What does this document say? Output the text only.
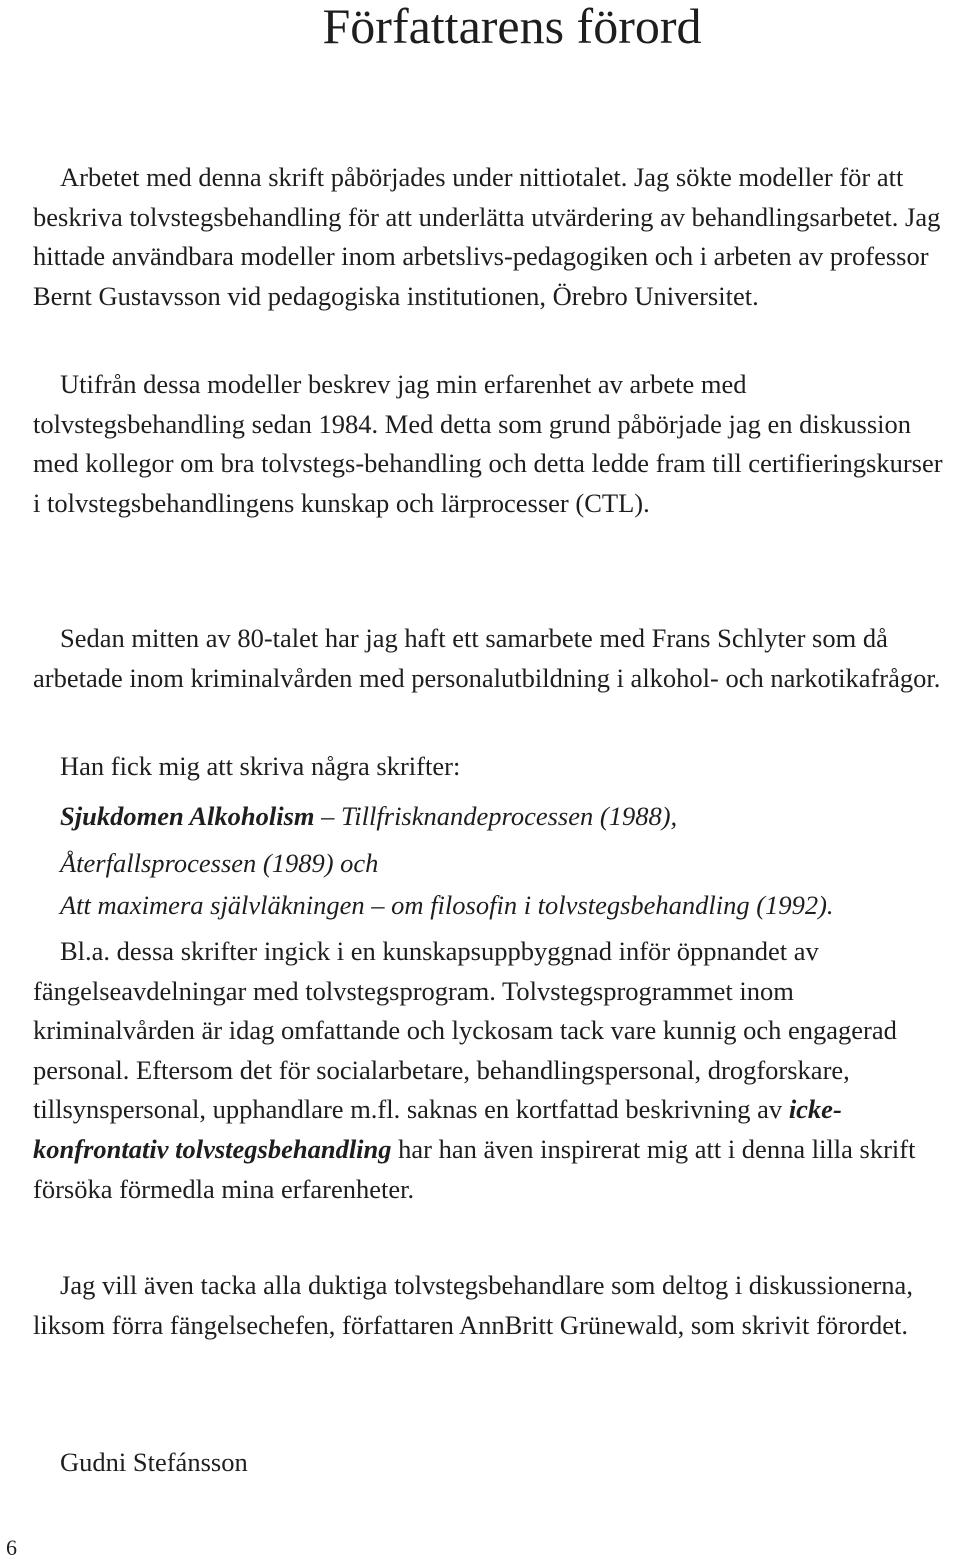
Författarens förord

Arbetet med denna skrift påbörjades under nittiotalet. Jag sökte modeller för att beskriva tolvstegsbehandling för att underlätta utvärdering av behandlingsarbetet. Jag hittade användbara modeller inom arbetslivs-pedagogiken och i arbeten av professor Bernt Gustavsson vid pedagogiska institutionen, Örebro Universitet.

Utifrån dessa modeller beskrev jag min erfarenhet av arbete med tolvstegsbehandling sedan 1984. Med detta som grund påbörjade jag en diskussion med kollegor om bra tolvstegs-behandling och detta ledde fram till certifieringskurser i tolvstegsbehandlingens kunskap och lärprocesser (CTL).

Sedan mitten av 80-talet har jag haft ett samarbete med Frans Schlyter som då arbetade inom kriminalvården med personalutbildning i alkohol- och narkotikafrågor.

Han fick mig att skriva några skrifter:
Sjukdomen Alkoholism – Tillfrisknandeprocessen (1988),
Återfallsprocessen (1989) och
Att maximera självläkningen – om filosofin i tolvstegsbehandling (1992).

Bl.a. dessa skrifter ingick i en kunskapsuppbyggnad inför öppnandet av fängelseavdelningar med tolvstegsprogram. Tolvstegsprogrammet inom kriminalvården är idag omfattande och lyckosam tack vare kunnig och engagerad personal. Eftersom det för socialarbetare, behandlingspersonal, drogforskare, tillsynspersonal, upphandlare m.fl. saknas en kortfattad beskrivning av icke-konfrontativ tolvstegsbehandling har han även inspirerat mig att i denna lilla skrift försöka förmedla mina erfarenheter.

Jag vill även tacka alla duktiga tolvstegsbehandlare som deltog i diskussionerna, liksom förra fängelsechefen, författaren AnnBritt Grünewald, som skrivit förordet.

Gudni Stefánsson
6
